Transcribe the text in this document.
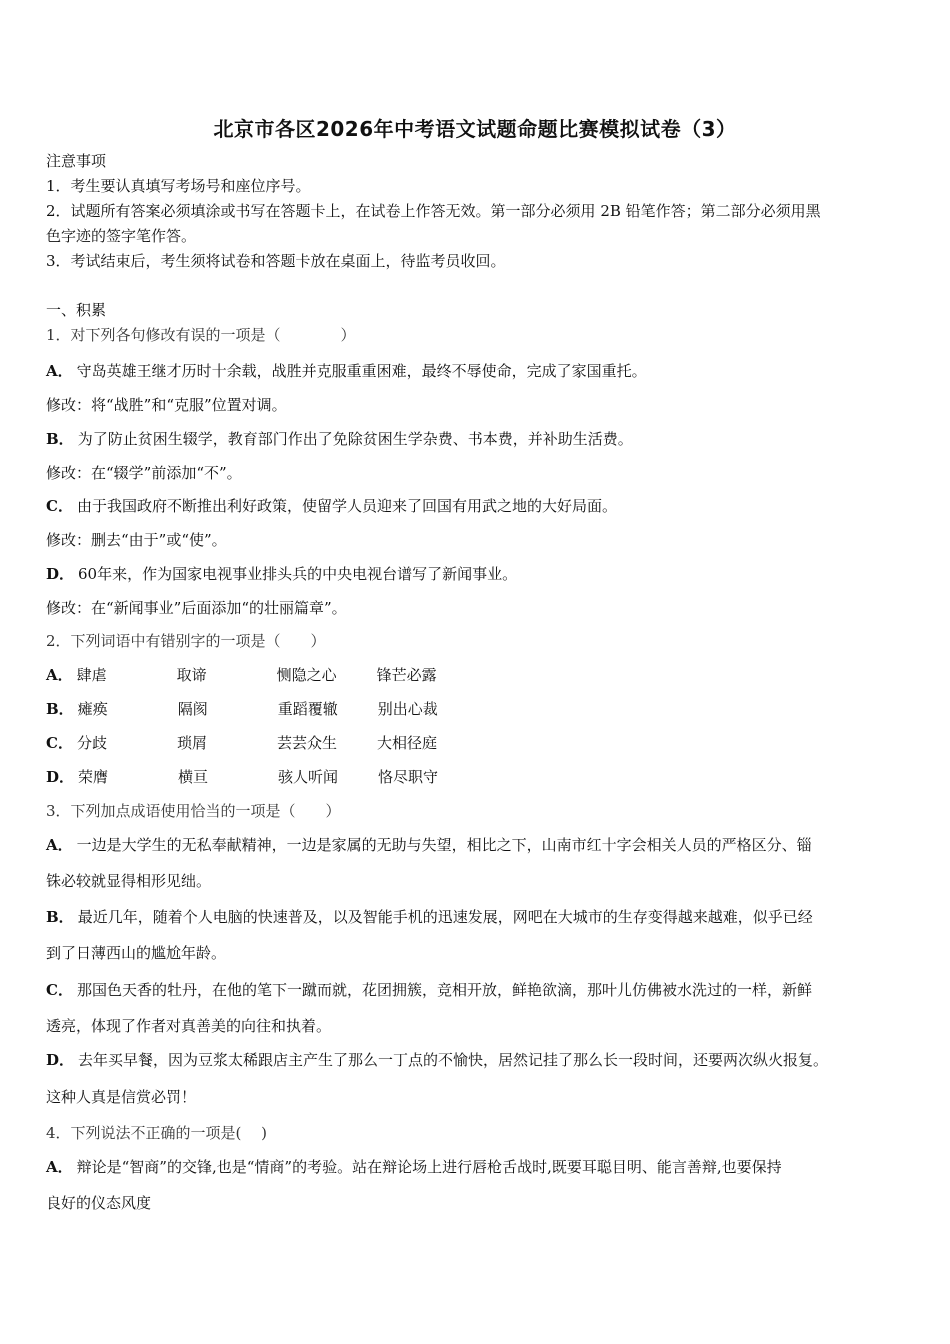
北京市各区2026年中考语文试题命题比赛模拟试卷（3）
注意事项
1．考生要认真填写考场号和座位序号。
2．试题所有答案必须填涂或书写在答题卡上，在试卷上作答无效。第一部分必须用 2B 铅笔作答；第二部分必须用黑
色字迹的签字笔作答。
3．考试结束后，考生须将试卷和答题卡放在桌面上，待监考员收回。
一、积累
1．对下列各句修改有误的一项是（　　　　）
A． 守岛英雄王继才历时十余载，战胜并克服重重困难，最终不辱使命，完成了家国重托。
修改：将“战胜”和“克服”位置对调。
B． 为了防止贫困生辍学，教育部门作出了免除贫困生学杂费、书本费，并补助生活费。
修改：在“辍学”前添加“不”。
C． 由于我国政府不断推出利好政策，使留学人员迎来了回国有用武之地的大好局面。
修改：删去“由于”或“使”。
D． 60年来，作为国家电视事业排头兵的中央电视台谱写了新闻事业。
修改：在“新闻事业”后面添加“的壮丽篇章”。
2．下列词语中有错别字的一项是（　　）
A． 肆虐	取谛	恻隐之心	锋芒必露
B． 瘫痪	隔阂	重蹈覆辙	别出心裁
C． 分歧	琐屑	芸芸众生	大相径庭
D． 荣膺	横亘	骇人听闻	恪尽职守
3．下列加点成语使用恰当的一项是（　　）
A． 一边是大学生的无私奉献精神，一边是家属的无助与失望，相比之下，山南市红十字会相关人员的严格区分、锱
铢必较就显得相形见绌。
B． 最近几年，随着个人电脑的快速普及，以及智能手机的迅速发展，网吧在大城市的生存变得越来越难，似乎已经
到了日薄西山的尴尬年龄。
C． 那国色天香的牡丹，在他的笔下一蹴而就，花团拥簇，竞相开放，鲜艳欲滴，那叶儿仿佛被水洗过的一样，新鲜
透亮，体现了作者对真善美的向往和执着。
D． 去年买早餐，因为豆浆太稀跟店主产生了那么一丁点的不愉快，居然记挂了那么长一段时间，还要两次纵火报复。
这种人真是信赏必罚！
4．下列说法不正确的一项是(　 )
A． 辩论是“智商”的交锋,也是“情商”的考验。站在辩论场上进行唇枪舌战时,既要耳聪目明、能言善辩,也要保持
良好的仪态风度
